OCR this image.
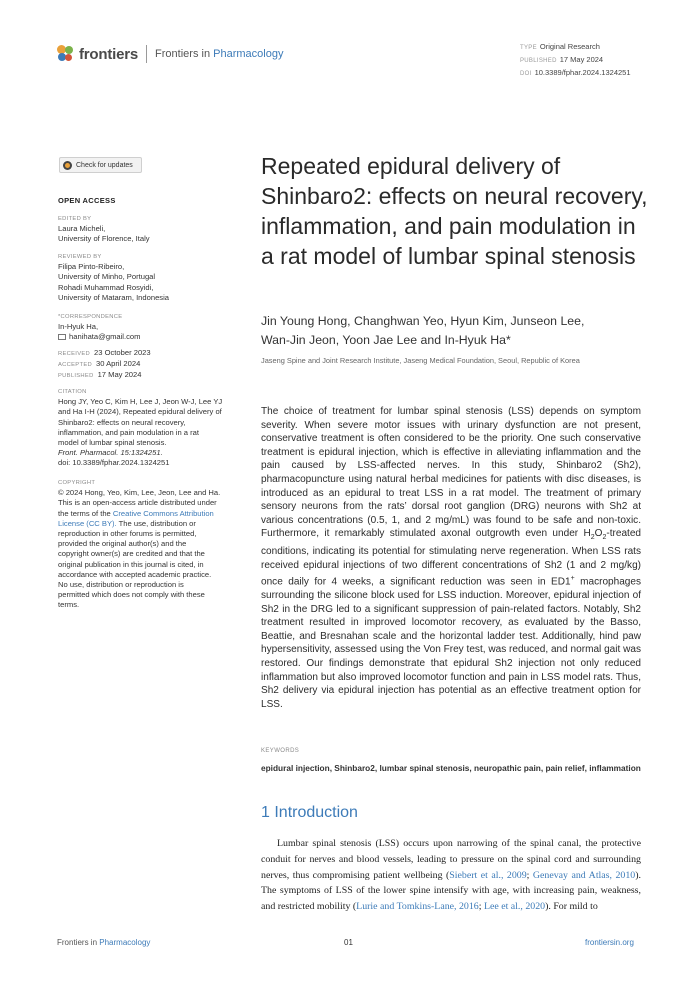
frontiers Frontiers in Pharmacology	TYPE Original Research
PUBLISHED 17 May 2024
DOI 10.3389/fphar.2024.1324251
Check for updates
OPEN ACCESS
EDITED BY
Laura Micheli,
University of Florence, Italy
REVIEWED BY
Filipa Pinto-Ribeiro,
University of Minho, Portugal
Rohadi Muhammad Rosyidi,
University of Mataram, Indonesia
*CORRESPONDENCE
In-Hyuk Ha,
hanihata@gmail.com
RECEIVED 23 October 2023
ACCEPTED 30 April 2024
PUBLISHED 17 May 2024
CITATION
Hong JY, Yeo C, Kim H, Lee J, Jeon W-J, Lee YJ
and Ha I-H (2024), Repeated epidural delivery of
Shinbaro2: effects on neural recovery,
inflammation, and pain modulation in a rat
model of lumbar spinal stenosis.
Front. Pharmacol. 15:1324251.
doi: 10.3389/fphar.2024.1324251
COPYRIGHT
© 2024 Hong, Yeo, Kim, Lee, Jeon, Lee and Ha.
This is an open-access article distributed under
the terms of the Creative Commons Attribution
License (CC BY). The use, distribution or
reproduction in other forums is permitted,
provided the original author(s) and the
copyright owner(s) are credited and that the
original publication in this journal is cited, in
accordance with accepted academic practice.
No use, distribution or reproduction is
permitted which does not comply with these
terms.
Repeated epidural delivery of Shinbaro2: effects on neural recovery, inflammation, and pain modulation in a rat model of lumbar spinal stenosis
Jin Young Hong, Changhwan Yeo, Hyun Kim, Junseon Lee,
Wan-Jin Jeon, Yoon Jae Lee and In-Hyuk Ha*
Jaseng Spine and Joint Research Institute, Jaseng Medical Foundation, Seoul, Republic of Korea
The choice of treatment for lumbar spinal stenosis (LSS) depends on symptom severity. When severe motor issues with urinary dysfunction are not present, conservative treatment is often considered to be the priority. One such conservative treatment is epidural injection, which is effective in alleviating inflammation and the pain caused by LSS-affected nerves. In this study, Shinbaro2 (Sh2), pharmacopuncture using natural herbal medicines for patients with disc diseases, is introduced as an epidural to treat LSS in a rat model. The treatment of primary sensory neurons from the rats’ dorsal root ganglion (DRG) neurons with Sh2 at various concentrations (0.5, 1, and 2 mg/mL) was found to be safe and non-toxic. Furthermore, it remarkably stimulated axonal outgrowth even under $H_2O_2$-treated conditions, indicating its potential for stimulating nerve regeneration. When LSS rats received epidural injections of two different concentrations of Sh2 (1 and 2 mg/kg) once daily for 4 weeks, a significant reduction was seen in ED1+ macrophages surrounding the silicone block used for LSS induction. Moreover, epidural injection of Sh2 in the DRG led to a significant suppression of pain-related factors. Notably, Sh2 treatment resulted in improved locomotor recovery, as evaluated by the Basso, Beattie, and Bresnahan scale and the horizontal ladder test. Additionally, hind paw hypersensitivity, assessed using the Von Frey test, was reduced, and normal gait was restored. Our findings demonstrate that epidural Sh2 injection not only reduced inflammation but also improved locomotor function and pain in LSS model rats. Thus, Sh2 delivery via epidural injection has potential as an effective treatment option for LSS.
KEYWORDS
epidural injection, Shinbaro2, lumbar spinal stenosis, neuropathic pain, pain relief, inflammation
1 Introduction
Lumbar spinal stenosis (LSS) occurs upon narrowing of the spinal canal, the protective conduit for nerves and blood vessels, leading to pressure on the spinal cord and surrounding nerves, thus compromising patient wellbeing (Siebert et al., 2009; Genevay and Atlas, 2010). The symptoms of LSS of the lower spine intensify with age, with increasing pain, weakness, and restricted mobility (Lurie and Tomkins-Lane, 2016; Lee et al., 2020). For mild to
Frontiers in Pharmacology	01	frontiersin.org
